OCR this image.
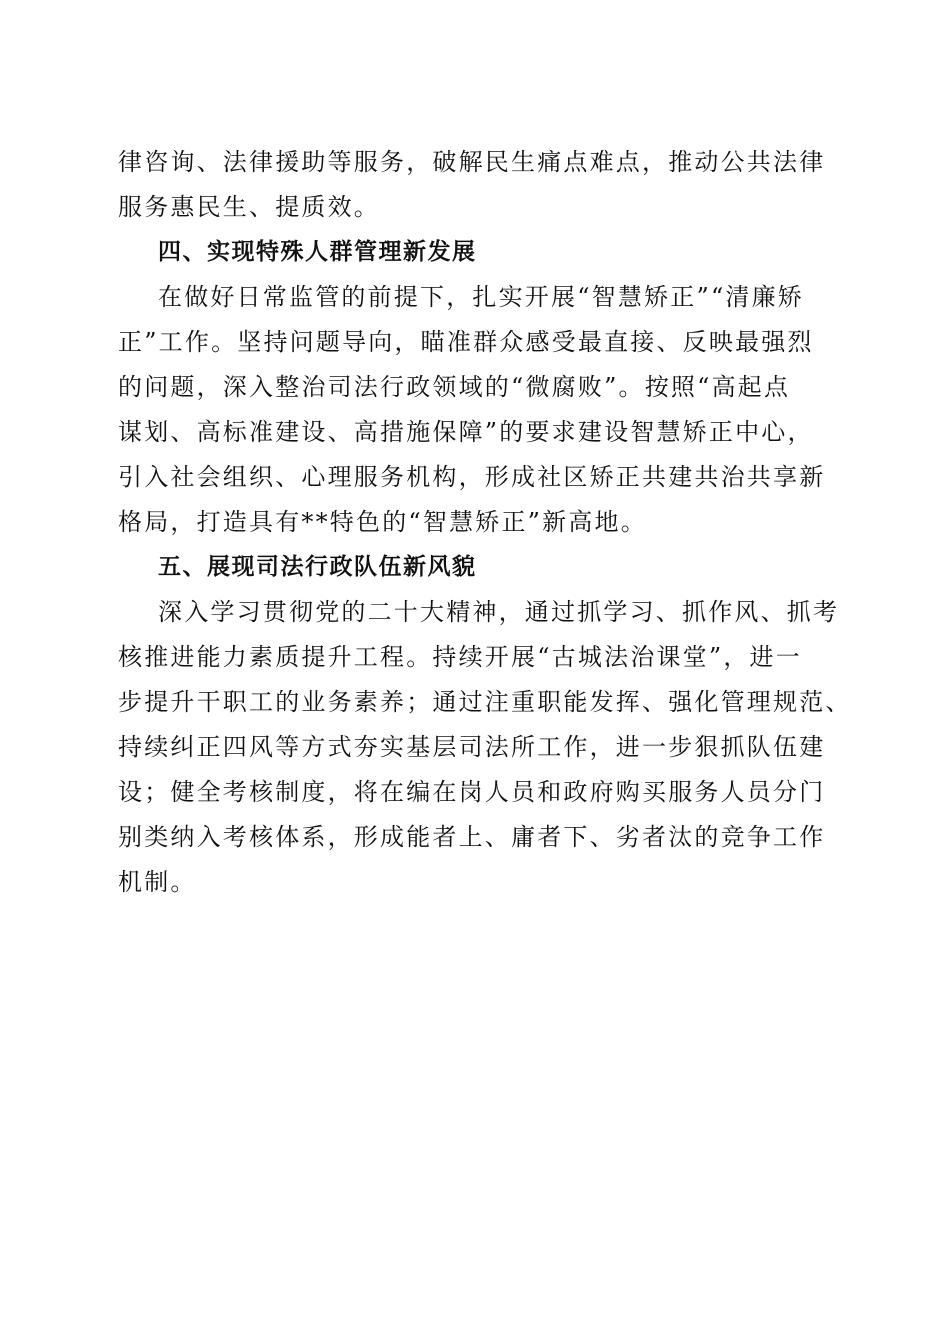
律咨询、法律援助等服务，破解民生痛点难点，推动公共法律
服务惠民生、提质效。
四、实现特殊人群管理新发展
在做好日常监管的前提下，扎实开展“智慧矫正”“清廉矫
正”工作。坚持问题导向，瞄准群众感受最直接、反映最强烈
的问题，深入整治司法行政领域的“微腐败”。按照“高起点
谋划、高标准建设、高措施保障”的要求建设智慧矫正中心，
引入社会组织、心理服务机构，形成社区矫正共建共治共享新
格局，打造具有**特色的“智慧矫正”新高地。
五、展现司法行政队伍新风貌
深入学习贯彻党的二十大精神，通过抓学习、抓作风、抓考
核推进能力素质提升工程。持续开展“古城法治课堂”，进一
步提升干职工的业务素养；通过注重职能发挥、强化管理规范、
持续纠正四风等方式夯实基层司法所工作，进一步狠抓队伍建
设；健全考核制度，将在编在岗人员和政府购买服务人员分门
别类纳入考核体系，形成能者上、庸者下、劣者汰的竞争工作
机制。
